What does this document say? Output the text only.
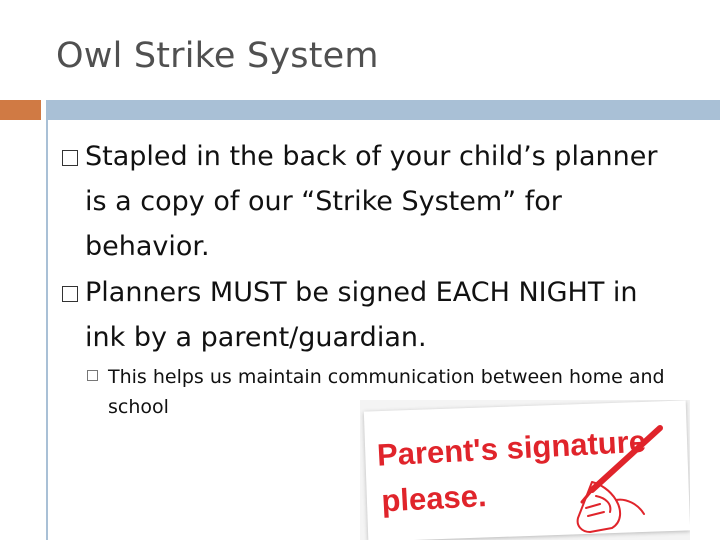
Owl Strike System
Stapled in the back of your child’s planner is a copy of our “Strike System” for behavior.
Planners MUST be signed EACH NIGHT in ink by a parent/guardian.
This helps us maintain communication between home and school
Parent's signature
please.
